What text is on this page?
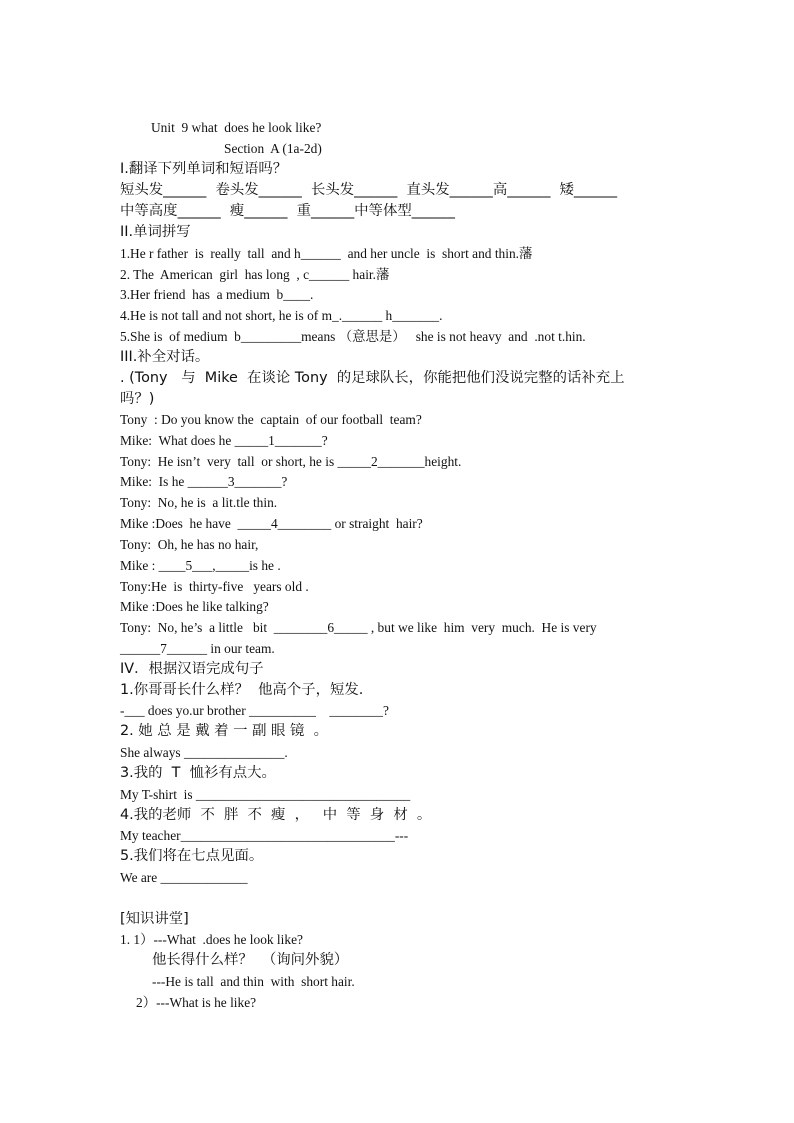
Unit  9 what  does he look like?
Section  A (1a-2d)
I.翻译下列单词和短语吗？
短头发______  卷头发______  长头发______  直头发______高______  矮______
中等高度______  瘦______  重______中等体型______
II.单词拼写
1.He r father  is  really  tall  and h______  and her uncle  is  short and thin.藩
2. The  American  girl  has long  , c______ hair.藩
3.Her friend  has  a medium  b____.
4.He is not tall and not short, he is of m_.______ h_______.
5.She is  of medium  b_________means （意思是）   she is not heavy  and  .not t.hin.
III.补全对话。
. (Tony   与  Mike  在谈论 Tony  的足球队长，你能把他们没说完整的话补充上
吗？)
Tony  : Do you know the  captain  of our football  team?
Mike:  What does he _____1_______?
Tony:  He isn’t  very  tall  or short, he is _____2_______height.
Mike:  Is he ______3_______?
Tony:  No, he is  a lit.tle thin.
Mike :Does  he have  _____4________ or straight  hair?
Tony:  Oh, he has no hair,
Mike : ____5___,_____is he .
Tony:He  is  thirty-five   years old .
Mike :Does he like talking?
Tony:  No, he’s  a little   bit  ________6_____ , but we like  him  very  much.  He is very
______7______ in our team.
IV．根据汉语完成句子
1.你哥哥长什么样？  他高个子，短发.
-___ does yo.ur brother __________    ________?
2. 她 总 是 戴 着 一 副 眼 镜  。
She always _______________.
3.我的  T  恤衫有点大。
My T-shirt  is ________________________________
4.我的老师  不  胖  不  瘦  ，   中  等  身  材  。
My teacher________________________________---
5.我们将在七点见面。
We are _____________
[知识讲堂]
1. 1）---What  .does he look like?
他长得什么样？  （询问外貌）
---He is tall  and thin  with  short hair.
2）---What is he like?
